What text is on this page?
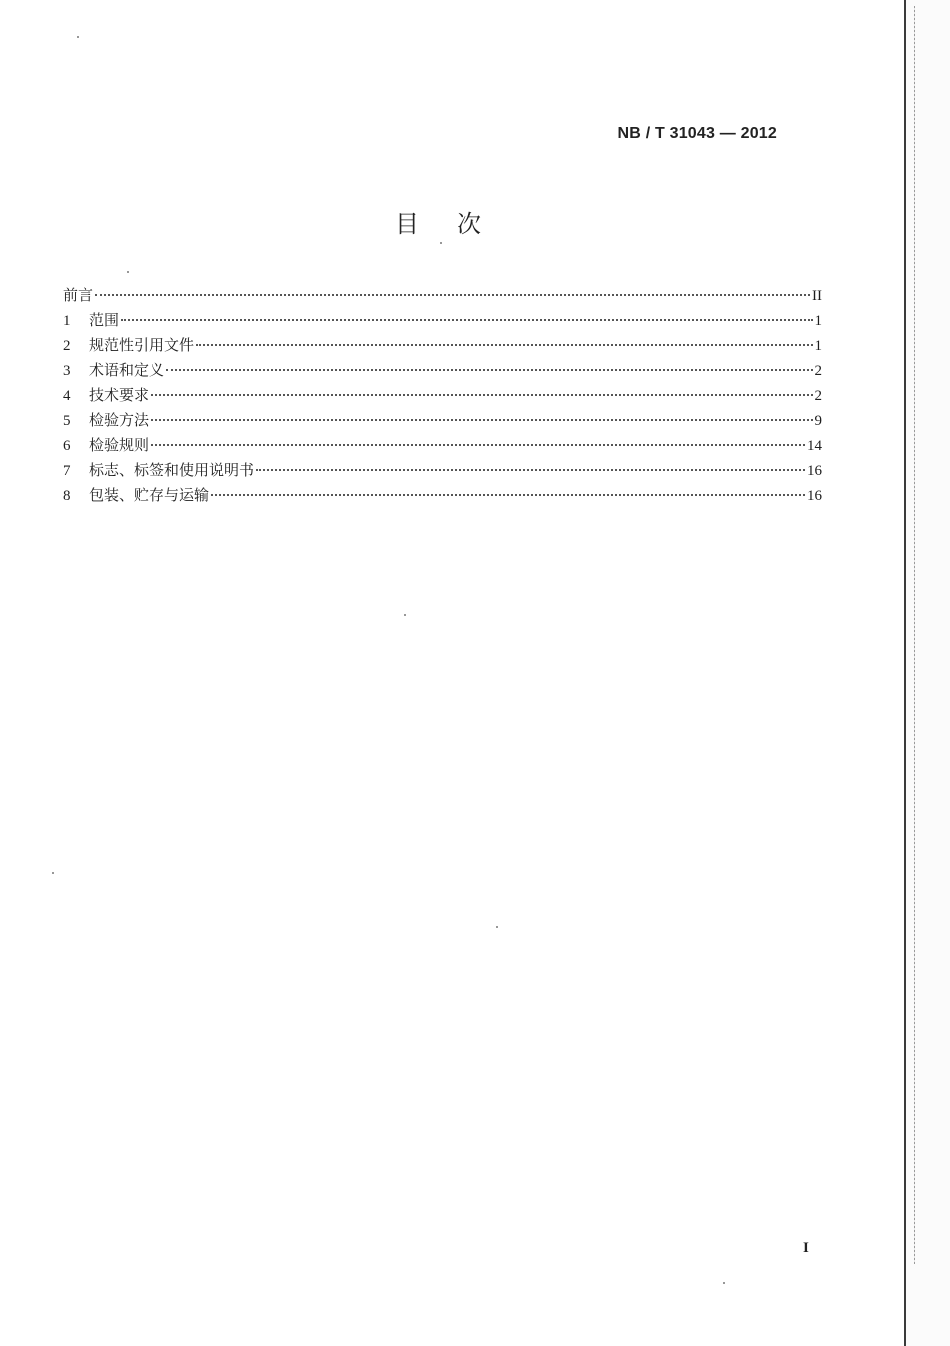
NB / T 31043 — 2012
目次
前言	II
1	范围	1
2	规范性引用文件	1
3	术语和定义	2
4	技术要求	2
5	检验方法	9
6	检验规则	14
7	标志、标签和使用说明书	16
8	包装、贮存与运输	16
I
